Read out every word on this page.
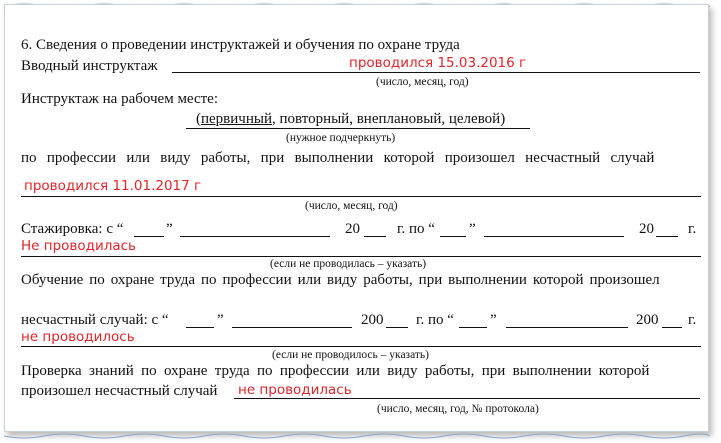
6. Сведения о проведении инструктажей и обучения по охране труда
Вводный инструктаж	проводился 15.03.2016 г
(число, месяц, год)
Инструктаж на рабочем месте:
(первичный, повторный, внеплановый, целевой)
(нужное подчеркнуть)
по профессии или виду работы, при выполнении которой произошел несчастный случай
проводился 11.01.2017 г
(число, месяц, год)
Стажировка: с “	”	20 г. по “ ”	20 г.
Не проводилась
(если не проводилась – указать)
Обучение по охране труда по профессии или виду работы, при выполнении которой произошел
несчастный случай: с “	”	200 г. по “ ”	200 г.
не проводилось
(если не проводилось – указать)
Проверка знаний по охране труда по профессии или виду работы, при выполнении которой
произошел несчастный случай не проводилась
(число, месяц, год, № протокола)
